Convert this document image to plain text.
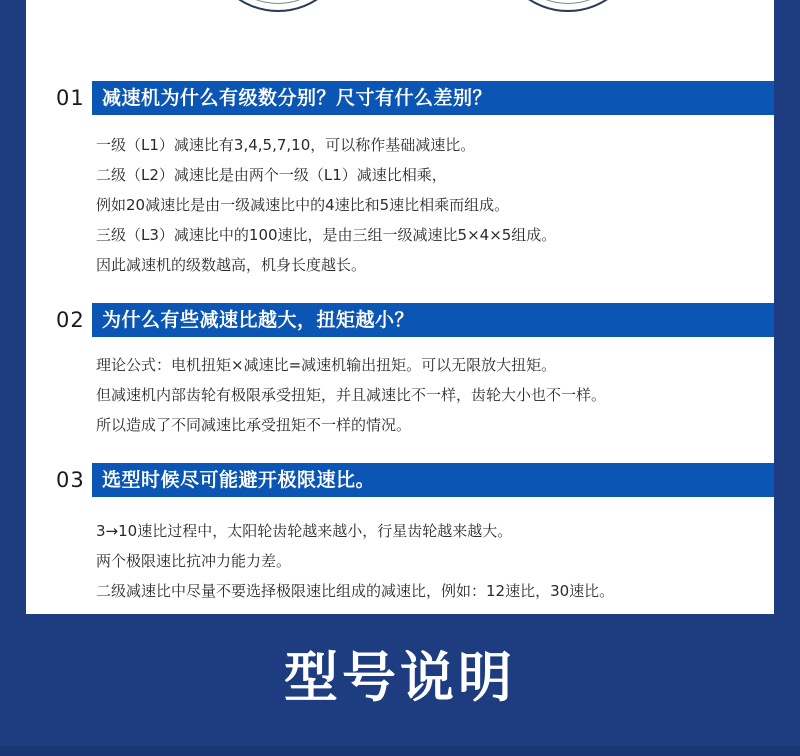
01 减速机为什么有级数分别？尺寸有什么差别？
一级（L1）减速比有3,4,5,7,10，可以称作基础减速比。
二级（L2）减速比是由两个一级（L1）减速比相乘，
例如20减速比是由一级减速比中的4速比和5速比相乘而组成。
三级（L3）减速比中的100速比，是由三组一级减速比5×4×5组成。
因此减速机的级数越高，机身长度越长。
02 为什么有些减速比越大，扭矩越小？
理论公式：电机扭矩×减速比=减速机输出扭矩。可以无限放大扭矩。
但减速机内部齿轮有极限承受扭矩，并且减速比不一样，齿轮大小也不一样。
所以造成了不同减速比承受扭矩不一样的情况。
03 选型时候尽可能避开极限速比。
3→10速比过程中，太阳轮齿轮越来越小，行星齿轮越来越大。
两个极限速比抗冲力能力差。
二级减速比中尽量不要选择极限速比组成的减速比，例如：12速比，30速比。
型号说明
